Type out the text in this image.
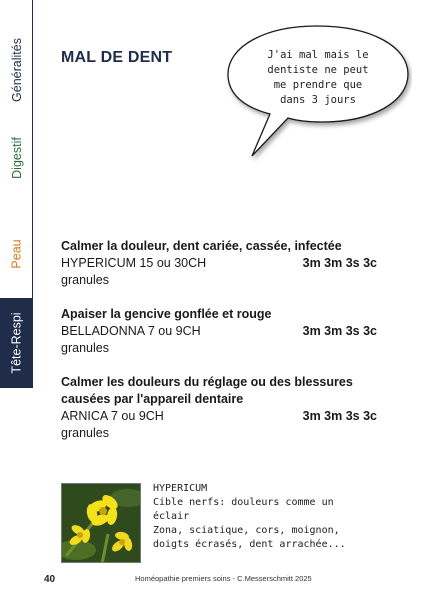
Généralités
Digestif
Peau
Tête-Respi
MAL DE DENT	J'ai mal mais le
dentiste ne peut
me prendre que
dans 3 jours
Calmer la douleur, dent cariée, cassée, infectée
HYPERICUM 15 ou 30CH	3m 3m 3s 3c
granules
Apaiser la gencive gonflée et rouge
BELLADONNA 7 ou 9CH	3m 3m 3s 3c
granules
Calmer les douleurs du réglage ou des blessures
causées par l'appareil dentaire
ARNICA 7 ou 9CH	3m 3m 3s 3c
granules
HYPERICUM
Cible nerfs: douleurs comme un
éclair
Zona, sciatique, cors, moignon,
doigts écrasés, dent arrachée...
40	Homéopathie premiers soins - C.Messerschmitt 2025
